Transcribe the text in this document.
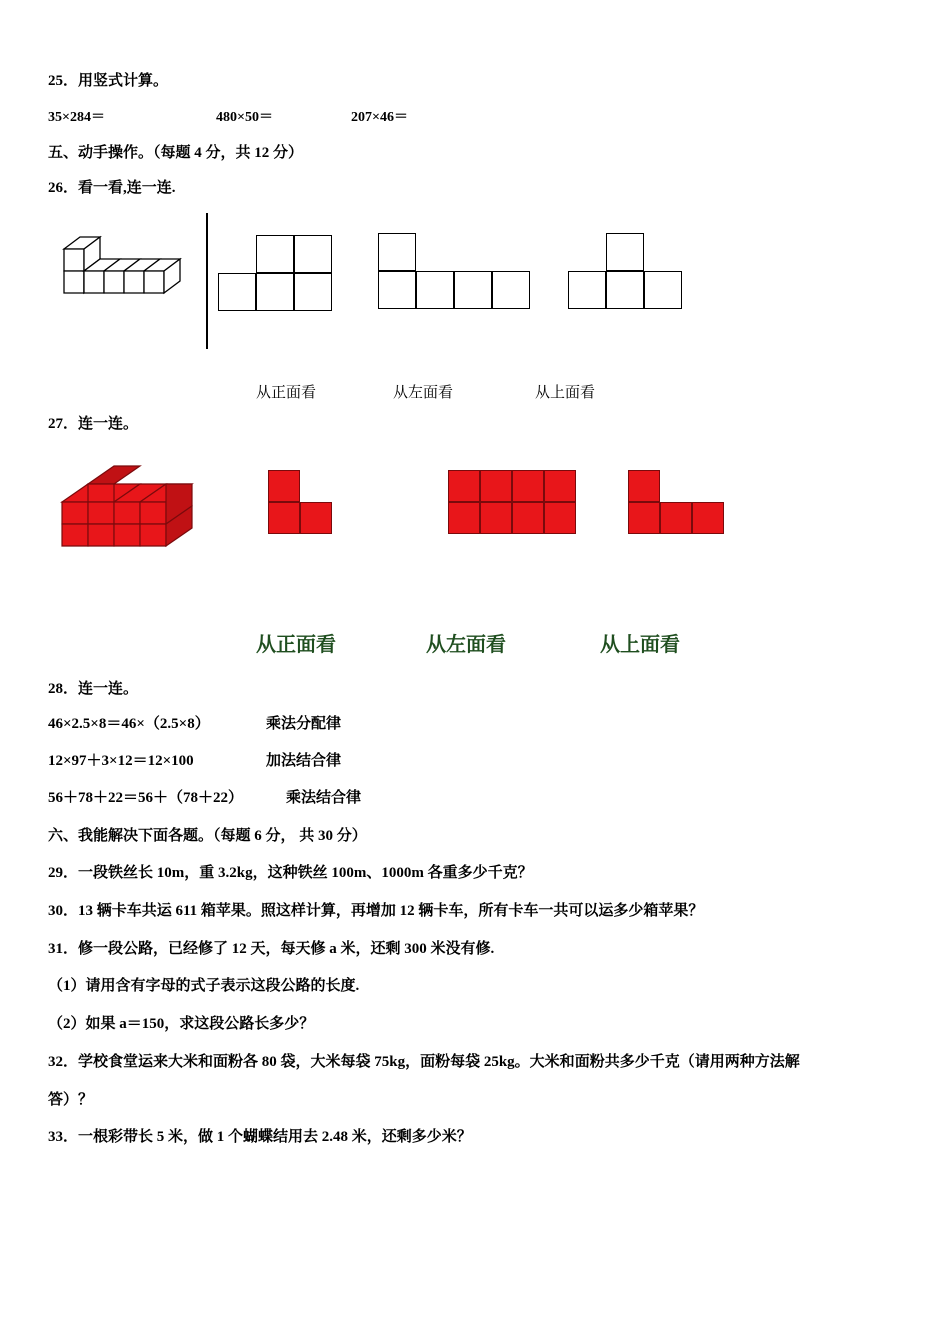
25．用竖式计算。
35×284＝	480×50＝	207×46＝
五、动手操作。（每题 4 分，共 12 分）
26．看一看,连一连.
从正面看	从左面看	从上面看
27．连一连。
从正面看	从左面看	从上面看
28．连一连。
46×2.5×8＝46×（2.5×8）	乘法分配律
12×97＋3×12＝12×100	加法结合律
56＋78＋22＝56＋（78＋22）	乘法结合律
六、我能解决下面各题。（每题 6 分， 共 30 分）
29．一段铁丝长 10m，重 3.2kg，这种铁丝 100m、1000m 各重多少千克？
30．13 辆卡车共运 611 箱苹果。照这样计算，再增加 12 辆卡车，所有卡车一共可以运多少箱苹果？
31．修一段公路，已经修了 12 天，每天修 a 米，还剩 300 米没有修.
（1）请用含有字母的式子表示这段公路的长度.
（2）如果 a＝150，求这段公路长多少？
32．学校食堂运来大米和面粉各 80 袋，大米每袋 75kg，面粉每袋 25kg。大米和面粉共多少千克（请用两种方法解
答）？
33．一根彩带长 5 米，做 1 个蝴蝶结用去 2.48 米，还剩多少米？
